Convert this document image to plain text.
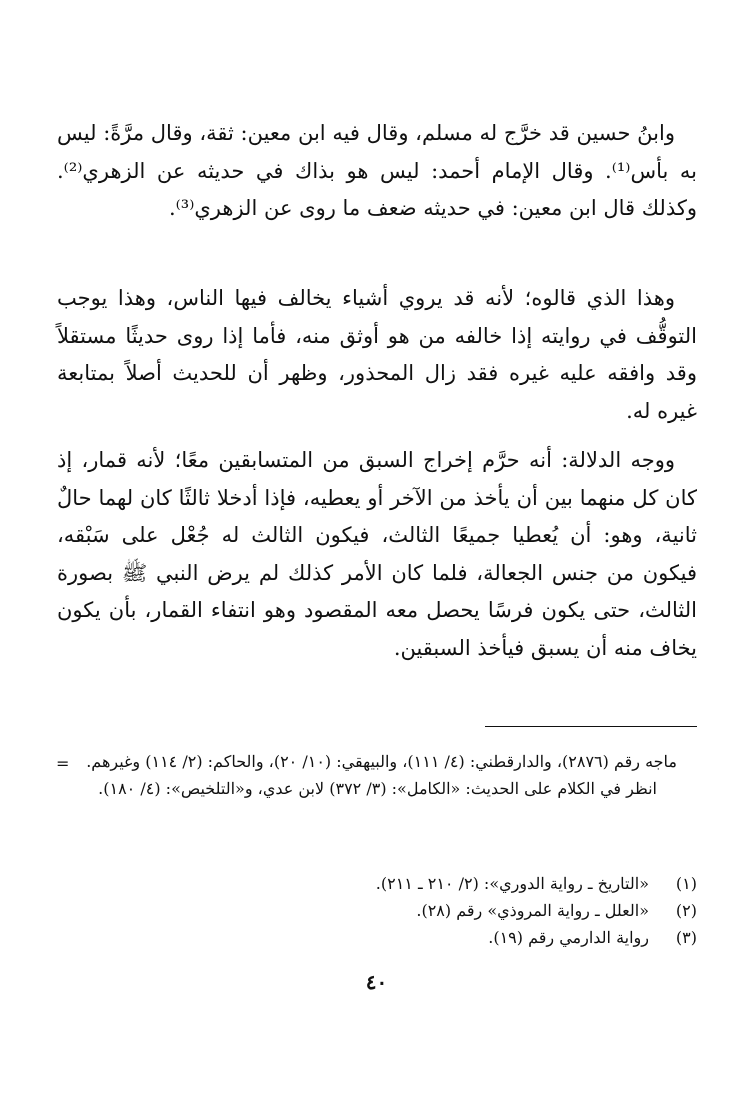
وابنُ حسين قد خرَّج له مسلم، وقال فيه ابن معين: ثقة، وقال مرَّةً: ليس به بأس⁽¹⁾. وقال الإمام أحمد: ليس هو بذاك في حديثه عن الزهري⁽²⁾. وكذلك قال ابن معين: في حديثه ضعف ما روى عن الزهري⁽³⁾.

وهذا الذي قالوه؛ لأنه قد يروي أشياء يخالف فيها الناس، وهذا يوجب التوقُّف في روايته إذا خالفه من هو أوثق منه، فأما إذا روى حديثًا مستقلاً وقد وافقه عليه غيره فقد زال المحذور، وظهر أن للحديث أصلاً بمتابعة غيره له.

ووجه الدلالة: أنه حرَّم إخراج السبق من المتسابقين معًا؛ لأنه قمار، إذ كان كل منهما بين أن يأخذ من الآخر أو يعطيه، فإذا أدخلا ثالثًا كان لهما حالٌ ثانية، وهو: أن يُعطيا جميعًا الثالث، فيكون الثالث له جُعْل على سَبْقه، فيكون من جنس الجعالة، فلما كان الأمر كذلك لم يرض النبي ﷺ بصورة الثالث، حتى يكون فرسًا يحصل معه المقصود وهو انتفاء القمار، بأن يكون يخاف منه أن يسبق فيأخذ السبقين.

=	ماجه رقم (٢٨٧٦)، والدارقطني: (٤/ ١١١)، والبيهقي: (١٠/ ٢٠)، والحاكم: (٢/ ١١٤) وغيرهم.

انظر في الكلام على الحديث: «الكامل»: (٣/ ٣٧٢) لابن عدي، و«التلخيص»: (٤/ ١٨٠).

(١)
«التاريخ ـ رواية الدوري»: (٢/ ٢١٠ ـ ٢١١).
(٢)
«العلل ـ رواية المروذي» رقم (٢٨).
(٣)
رواية الدارمي رقم (١٩).
٤٠
